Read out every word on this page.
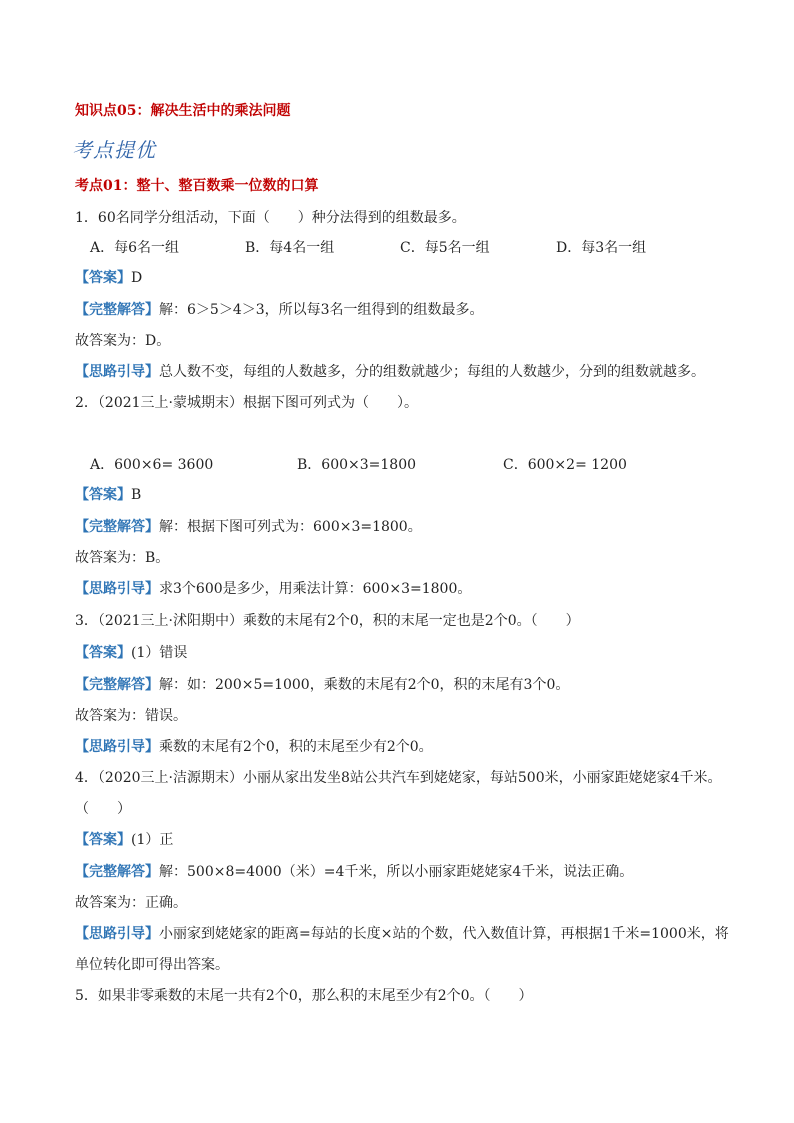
知识点05：解决生活中的乘法问题
考点提优
考点01：整十、整百数乘一位数的口算
1．60名同学分组活动，下面（　　）种分法得到的组数最多。
A．每6名一组	B．每4名一组	C．每5名一组	D．每3名一组
【答案】D
【完整解答】解：6＞5＞4＞3，所以每3名一组得到的组数最多。
故答案为：D。
【思路引导】总人数不变，每组的人数越多，分的组数就越少；每组的人数越少，分到的组数就越多。
2．（2021三上·蒙城期末）根据下图可列式为（　　）。
A．600×6= 3600	B．600×3=1800	C．600×2= 1200
【答案】B
【完整解答】解：根据下图可列式为：600×3=1800。
故答案为：B。
【思路引导】求3个600是多少，用乘法计算：600×3=1800。
3．（2021三上·沭阳期中）乘数的末尾有2个0，积的末尾一定也是2个0。（　　）
【答案】(1）错误
【完整解答】解：如：200×5=1000，乘数的末尾有2个0，积的末尾有3个0。
故答案为：错误。
【思路引导】乘数的末尾有2个0，积的末尾至少有2个0。
4．（2020三上·洁源期末）小丽从家出发坐8站公共汽车到姥姥家，每站500米，小丽家距姥姥家4千米。
（　　）
【答案】(1）正
【完整解答】解：500×8=4000（米）=4千米，所以小丽家距姥姥家4千米，说法正确。
故答案为：正确。
【思路引导】小丽家到姥姥家的距离=每站的长度×站的个数，代入数值计算，再根据1千米=1000米，将
单位转化即可得出答案。
5．如果非零乘数的末尾一共有2个0，那么积的末尾至少有2个0。（　　）
